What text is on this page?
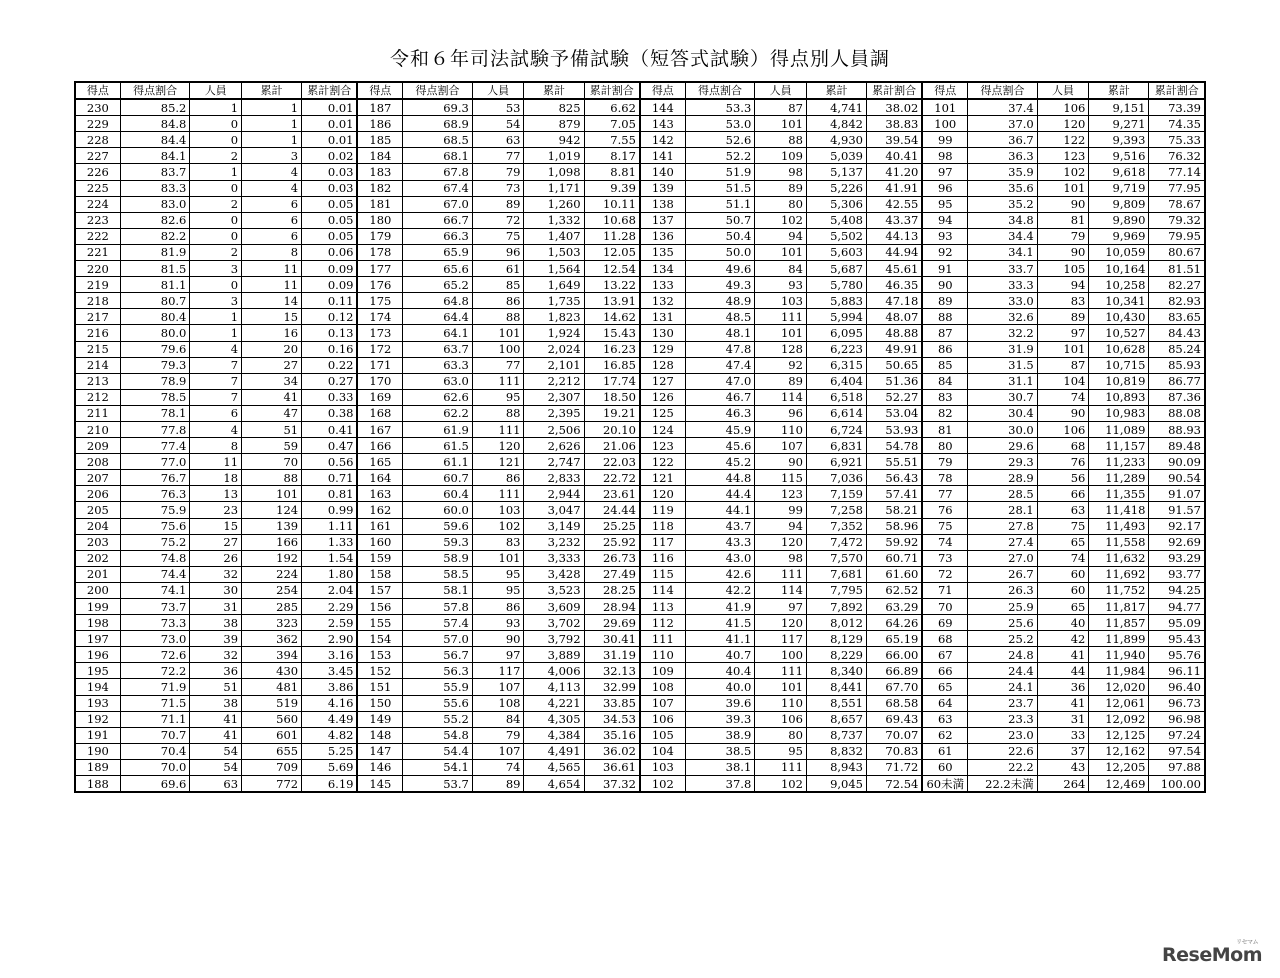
令和６年司法試験予備試験（短答式試験）得点別人員調
得点	得点割合	人員	累計	累計割合	得点	得点割合	人員	累計	累計割合	得点	得点割合	人員	累計	累計割合	得点	得点割合	人員	累計	累計割合
230	85.2	1	1	0.01	187	69.3	53	825	6.62	144	53.3	87	4,741	38.02	101	37.4	106	9,151	73.39
229	84.8	0	1	0.01	186	68.9	54	879	7.05	143	53.0	101	4,842	38.83	100	37.0	120	9,271	74.35
228	84.4	0	1	0.01	185	68.5	63	942	7.55	142	52.6	88	4,930	39.54	99	36.7	122	9,393	75.33
227	84.1	2	3	0.02	184	68.1	77	1,019	8.17	141	52.2	109	5,039	40.41	98	36.3	123	9,516	76.32
226	83.7	1	4	0.03	183	67.8	79	1,098	8.81	140	51.9	98	5,137	41.20	97	35.9	102	9,618	77.14
225	83.3	0	4	0.03	182	67.4	73	1,171	9.39	139	51.5	89	5,226	41.91	96	35.6	101	9,719	77.95
224	83.0	2	6	0.05	181	67.0	89	1,260	10.11	138	51.1	80	5,306	42.55	95	35.2	90	9,809	78.67
223	82.6	0	6	0.05	180	66.7	72	1,332	10.68	137	50.7	102	5,408	43.37	94	34.8	81	9,890	79.32
222	82.2	0	6	0.05	179	66.3	75	1,407	11.28	136	50.4	94	5,502	44.13	93	34.4	79	9,969	79.95
221	81.9	2	8	0.06	178	65.9	96	1,503	12.05	135	50.0	101	5,603	44.94	92	34.1	90	10,059	80.67
220	81.5	3	11	0.09	177	65.6	61	1,564	12.54	134	49.6	84	5,687	45.61	91	33.7	105	10,164	81.51
219	81.1	0	11	0.09	176	65.2	85	1,649	13.22	133	49.3	93	5,780	46.35	90	33.3	94	10,258	82.27
218	80.7	3	14	0.11	175	64.8	86	1,735	13.91	132	48.9	103	5,883	47.18	89	33.0	83	10,341	82.93
217	80.4	1	15	0.12	174	64.4	88	1,823	14.62	131	48.5	111	5,994	48.07	88	32.6	89	10,430	83.65
216	80.0	1	16	0.13	173	64.1	101	1,924	15.43	130	48.1	101	6,095	48.88	87	32.2	97	10,527	84.43
215	79.6	4	20	0.16	172	63.7	100	2,024	16.23	129	47.8	128	6,223	49.91	86	31.9	101	10,628	85.24
214	79.3	7	27	0.22	171	63.3	77	2,101	16.85	128	47.4	92	6,315	50.65	85	31.5	87	10,715	85.93
213	78.9	7	34	0.27	170	63.0	111	2,212	17.74	127	47.0	89	6,404	51.36	84	31.1	104	10,819	86.77
212	78.5	7	41	0.33	169	62.6	95	2,307	18.50	126	46.7	114	6,518	52.27	83	30.7	74	10,893	87.36
211	78.1	6	47	0.38	168	62.2	88	2,395	19.21	125	46.3	96	6,614	53.04	82	30.4	90	10,983	88.08
210	77.8	4	51	0.41	167	61.9	111	2,506	20.10	124	45.9	110	6,724	53.93	81	30.0	106	11,089	88.93
209	77.4	8	59	0.47	166	61.5	120	2,626	21.06	123	45.6	107	6,831	54.78	80	29.6	68	11,157	89.48
208	77.0	11	70	0.56	165	61.1	121	2,747	22.03	122	45.2	90	6,921	55.51	79	29.3	76	11,233	90.09
207	76.7	18	88	0.71	164	60.7	86	2,833	22.72	121	44.8	115	7,036	56.43	78	28.9	56	11,289	90.54
206	76.3	13	101	0.81	163	60.4	111	2,944	23.61	120	44.4	123	7,159	57.41	77	28.5	66	11,355	91.07
205	75.9	23	124	0.99	162	60.0	103	3,047	24.44	119	44.1	99	7,258	58.21	76	28.1	63	11,418	91.57
204	75.6	15	139	1.11	161	59.6	102	3,149	25.25	118	43.7	94	7,352	58.96	75	27.8	75	11,493	92.17
203	75.2	27	166	1.33	160	59.3	83	3,232	25.92	117	43.3	120	7,472	59.92	74	27.4	65	11,558	92.69
202	74.8	26	192	1.54	159	58.9	101	3,333	26.73	116	43.0	98	7,570	60.71	73	27.0	74	11,632	93.29
201	74.4	32	224	1.80	158	58.5	95	3,428	27.49	115	42.6	111	7,681	61.60	72	26.7	60	11,692	93.77
200	74.1	30	254	2.04	157	58.1	95	3,523	28.25	114	42.2	114	7,795	62.52	71	26.3	60	11,752	94.25
199	73.7	31	285	2.29	156	57.8	86	3,609	28.94	113	41.9	97	7,892	63.29	70	25.9	65	11,817	94.77
198	73.3	38	323	2.59	155	57.4	93	3,702	29.69	112	41.5	120	8,012	64.26	69	25.6	40	11,857	95.09
197	73.0	39	362	2.90	154	57.0	90	3,792	30.41	111	41.1	117	8,129	65.19	68	25.2	42	11,899	95.43
196	72.6	32	394	3.16	153	56.7	97	3,889	31.19	110	40.7	100	8,229	66.00	67	24.8	41	11,940	95.76
195	72.2	36	430	3.45	152	56.3	117	4,006	32.13	109	40.4	111	8,340	66.89	66	24.4	44	11,984	96.11
194	71.9	51	481	3.86	151	55.9	107	4,113	32.99	108	40.0	101	8,441	67.70	65	24.1	36	12,020	96.40
193	71.5	38	519	4.16	150	55.6	108	4,221	33.85	107	39.6	110	8,551	68.58	64	23.7	41	12,061	96.73
192	71.1	41	560	4.49	149	55.2	84	4,305	34.53	106	39.3	106	8,657	69.43	63	23.3	31	12,092	96.98
191	70.7	41	601	4.82	148	54.8	79	4,384	35.16	105	38.9	80	8,737	70.07	62	23.0	33	12,125	97.24
190	70.4	54	655	5.25	147	54.4	107	4,491	36.02	104	38.5	95	8,832	70.83	61	22.6	37	12,162	97.54
189	70.0	54	709	5.69	146	54.1	74	4,565	36.61	103	38.1	111	8,943	71.72	60	22.2	43	12,205	97.88
188	69.6	63	772	6.19	145	53.7	89	4,654	37.32	102	37.8	102	9,045	72.54	60未満	22.2未満	264	12,469	100.00
リセマム
ReseMom
